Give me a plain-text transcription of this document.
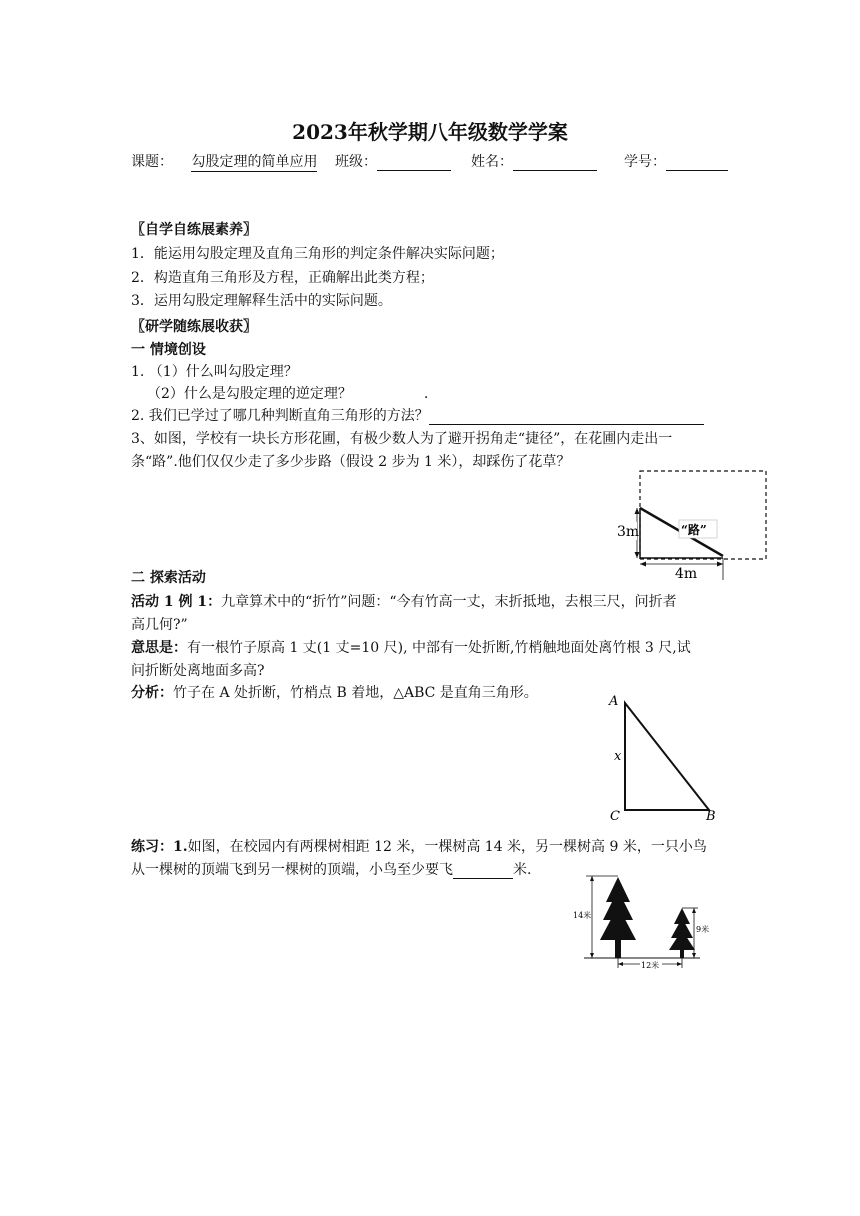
2023年秋学期八年级数学学案
课题： 勾股定理的简单应用 班级：	姓名：	学号：
〖自学自练展素养〗
1．能运用勾股定理及直角三角形的判定条件解决实际问题；
2．构造直角三角形及方程，正确解出此类方程；
3．运用勾股定理解释生活中的实际问题。
〖研学随练展收获〗
一 情境创设
1. （1）什么叫勾股定理？
（2）什么是勾股定理的逆定理？	.
2. 我们已学过了哪几种判断直角三角形的方法？
3、如图，学校有一块长方形花圃，有极少数人为了避开拐角走“捷径”，在花圃内走出一
条“路”.他们仅仅少走了多少步路（假设 2 步为 1 米），却踩伤了花草？
3m
4m
“路”
二 探索活动
活动 1 例 1：九章算术中的“折竹”问题：“今有竹高一丈，末折抵地，去根三尺，问折者
高几何?”
意思是：有一根竹子原高 1 丈(1 丈=10 尺), 中部有一处折断,竹梢触地面处离竹根 3 尺,试
问折断处离地面多高?
分析：竹子在 A 处折断，竹梢点 B 着地，△ABC 是直角三角形。
A
C	B
x
练习：1.如图，在校园内有两棵树相距 12 米，一棵树高 14 米，另一棵树高 9 米，一只小鸟
从一棵树的顶端飞到另一棵树的顶端，小鸟至少要飞	米.
14米
9米
12米
